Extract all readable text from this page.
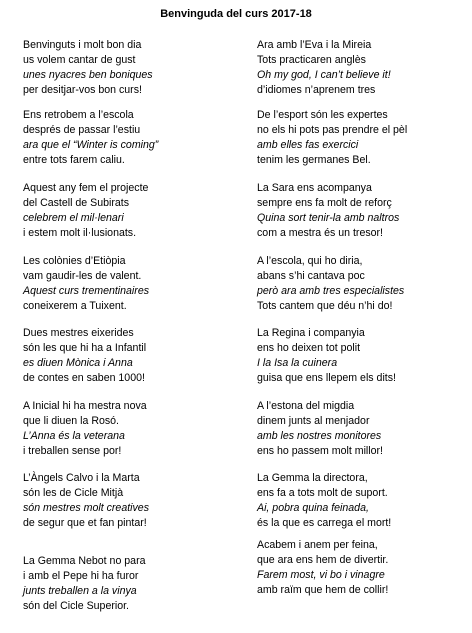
Benvinguda del curs 2017-18
Benvinguts i molt bon dia
us volem cantar de gust
unes nyacres ben boniques
per desitjar-vos bon curs!
Ens retrobem a l’escola
després de passar l’estiu
ara que el “Winter is coming”
entre tots farem caliu.
Aquest any fem el projecte
del Castell de Subirats
celebrem el mil·lenari
i estem molt il·lusionats.
Les colònies d’Etiòpia
vam gaudir-les de valent.
Aquest curs trementinaires
coneixerem a Tuixent.
Dues mestres eixerides
són les que hi ha a Infantil
es diuen Mònica i Anna
de contes en saben 1000!
A Inicial hi ha mestra nova
que li diuen la Rosó.
L’Anna és la veterana
i treballen sense por!
L’Àngels Calvo i la Marta
són les de Cicle Mitjà
són mestres molt creatives
de segur que et fan pintar!
La Gemma Nebot no para
i amb el Pepe hi ha furor
junts treballen a la vinya
són del Cicle Superior.
Ara amb l’Eva i la Mireia
Tots practicaren anglès
Oh my god, I can’t believe it!
d’idiomes n’aprenem tres
De l’esport són les expertes
no els hi pots pas prendre el pèl
amb elles fas exercici
tenim les germanes Bel.
La Sara ens acompanya
sempre ens fa molt de reforç
Quina sort tenir-la amb naltros
com a mestra és un tresor!
A l’escola, qui ho diria,
abans s’hi cantava poc
però ara amb tres especialistes
Tots cantem que déu n’hi do!
La Regina i companyia
ens ho deixen tot polit
I la Isa la cuinera
guisa que ens llepem els dits!
A l’estona del migdia
dinem junts al menjador
amb les nostres monitores
ens ho passem molt millor!
La Gemma la directora,
ens fa a tots molt de suport.
Ai, pobra quina feinada,
és la que es carrega el mort!
Acabem i anem per feina,
que ara ens hem de divertir.
Farem most, vi bo i vinagre
amb raïm que hem de collir!
